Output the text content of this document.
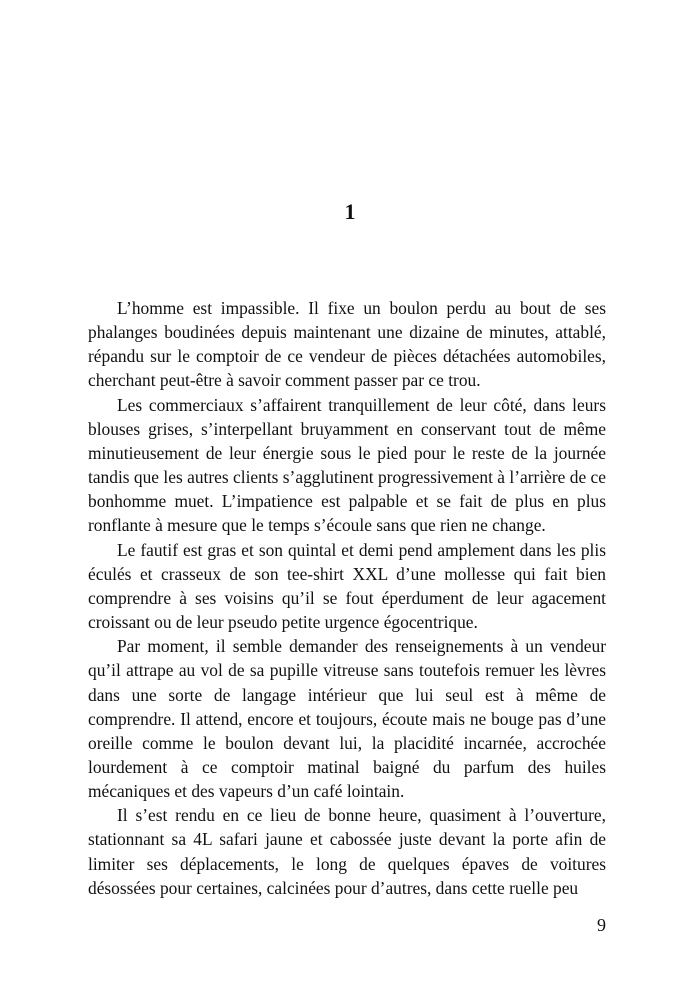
1

L’homme est impassible. Il fixe un boulon perdu au bout de ses phalanges boudinées depuis maintenant une dizaine de minutes, attablé, répandu sur le comptoir de ce vendeur de pièces détachées automobiles, cherchant peut-être à savoir comment passer par ce trou.

Les commerciaux s’affairent tranquillement de leur côté, dans leurs blouses grises, s’interpellant bruyamment en conservant tout de même minutieusement de leur énergie sous le pied pour le reste de la journée tandis que les autres clients s’agglutinent progressivement à l’arrière de ce bonhomme muet. L’impatience est palpable et se fait de plus en plus ronflante à mesure que le temps s’écoule sans que rien ne change.

Le fautif est gras et son quintal et demi pend amplement dans les plis éculés et crasseux de son tee-shirt XXL d’une mollesse qui fait bien comprendre à ses voisins qu’il se fout éperdument de leur agacement croissant ou de leur pseudo petite urgence égocentrique.

Par moment, il semble demander des renseignements à un vendeur qu’il attrape au vol de sa pupille vitreuse sans toutefois remuer les lèvres dans une sorte de langage intérieur que lui seul est à même de comprendre. Il attend, encore et toujours, écoute mais ne bouge pas d’une oreille comme le boulon devant lui, la placidité incarnée, accrochée lourdement à ce comptoir matinal baigné du parfum des huiles mécaniques et des vapeurs d’un café lointain.

Il s’est rendu en ce lieu de bonne heure, quasiment à l’ouverture, stationnant sa 4L safari jaune et cabossée juste devant la porte afin de limiter ses déplacements, le long de quelques épaves de voitures désossées pour certaines, calcinées pour d’autres, dans cette ruelle peu

9
